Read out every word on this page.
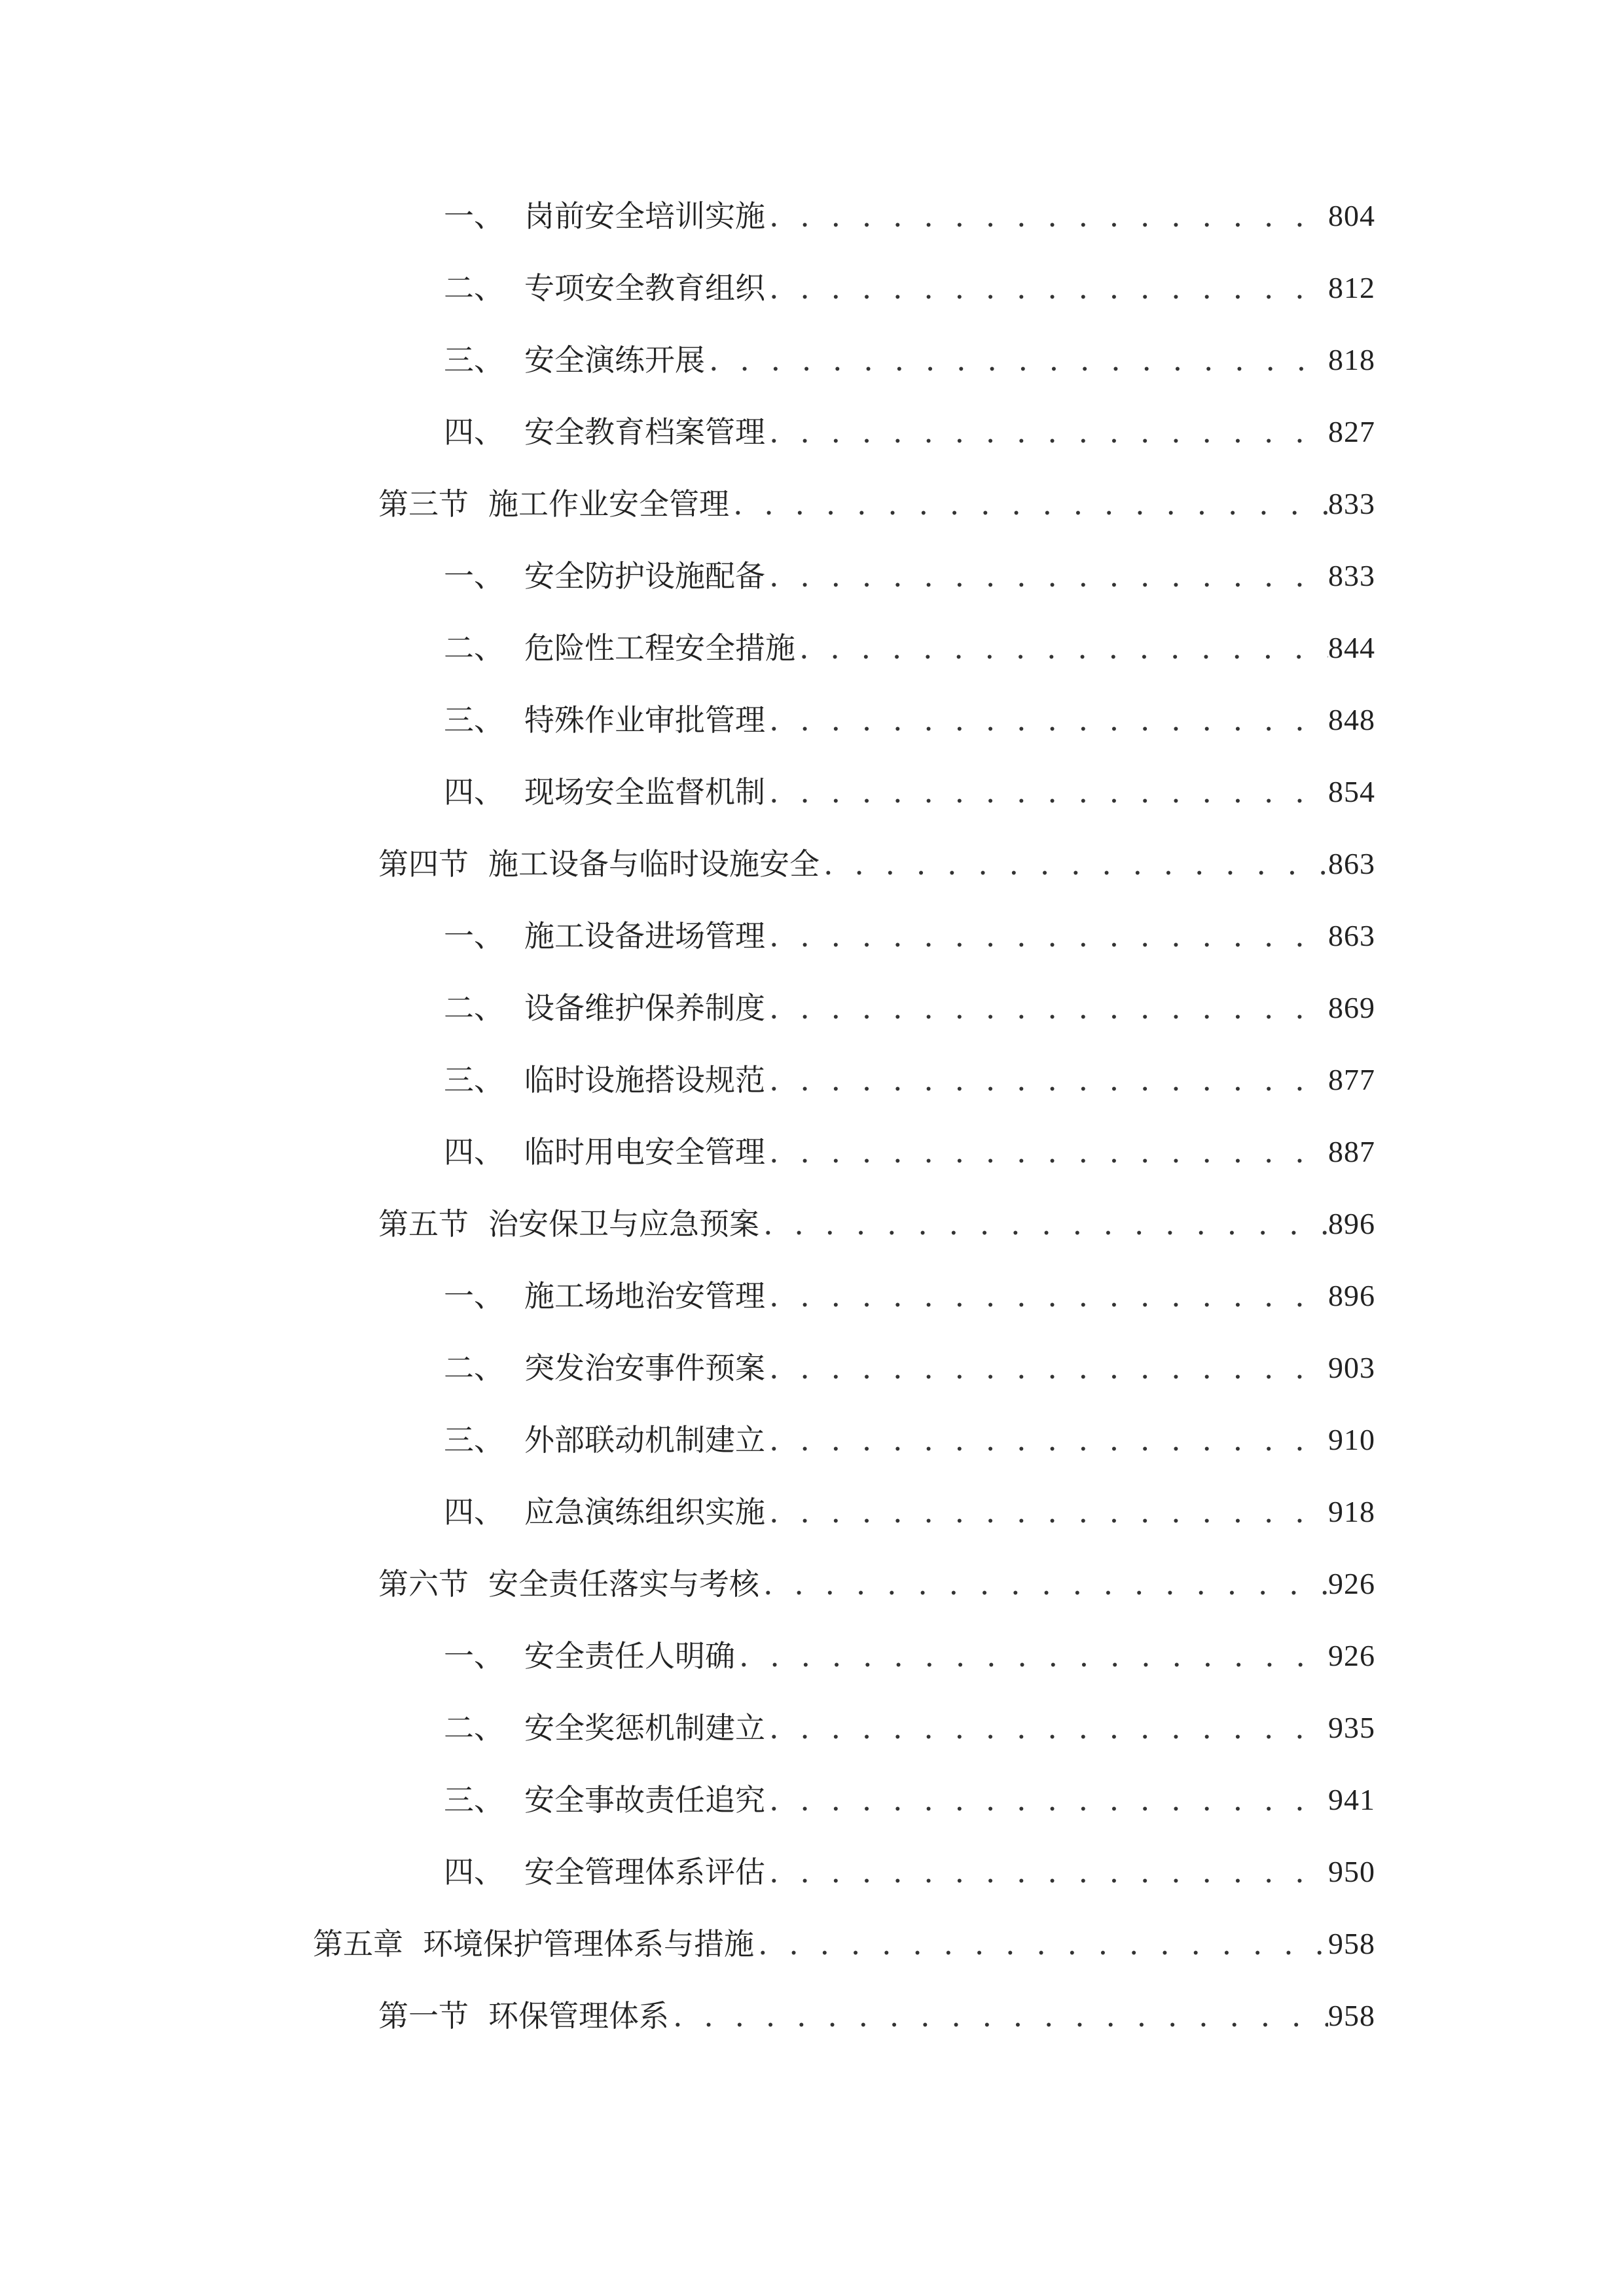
一、 岗前安全培训实施 . . .	804
二、 专项安全教育组织 . . .	812
三、 安全演练开展 . . .	818
四、 安全教育档案管理 . . .	827
第三节 施工作业安全管理 . . .	833
一、 安全防护设施配备 . . .	833
二、 危险性工程安全措施 . . .	844
三、 特殊作业审批管理 . . .	848
四、 现场安全监督机制 . . .	854
第四节 施工设备与临时设施安全 . . .	863
一、 施工设备进场管理 . . .	863
二、 设备维护保养制度 . . .	869
三、 临时设施搭设规范 . . .	877
四、 临时用电安全管理 . . .	887
第五节 治安保卫与应急预案 . . .	896
一、 施工场地治安管理 . . .	896
二、 突发治安事件预案 . . .	903
三、 外部联动机制建立 . . .	910
四、 应急演练组织实施 . . .	918
第六节 安全责任落实与考核 . . .	926
一、 安全责任人明确 . . .	926
二、 安全奖惩机制建立 . . .	935
三、 安全事故责任追究 . . .	941
四、 安全管理体系评估 . . .	950
第五章 环境保护管理体系与措施 . . .	958
第一节 环保管理体系 . . .	958
